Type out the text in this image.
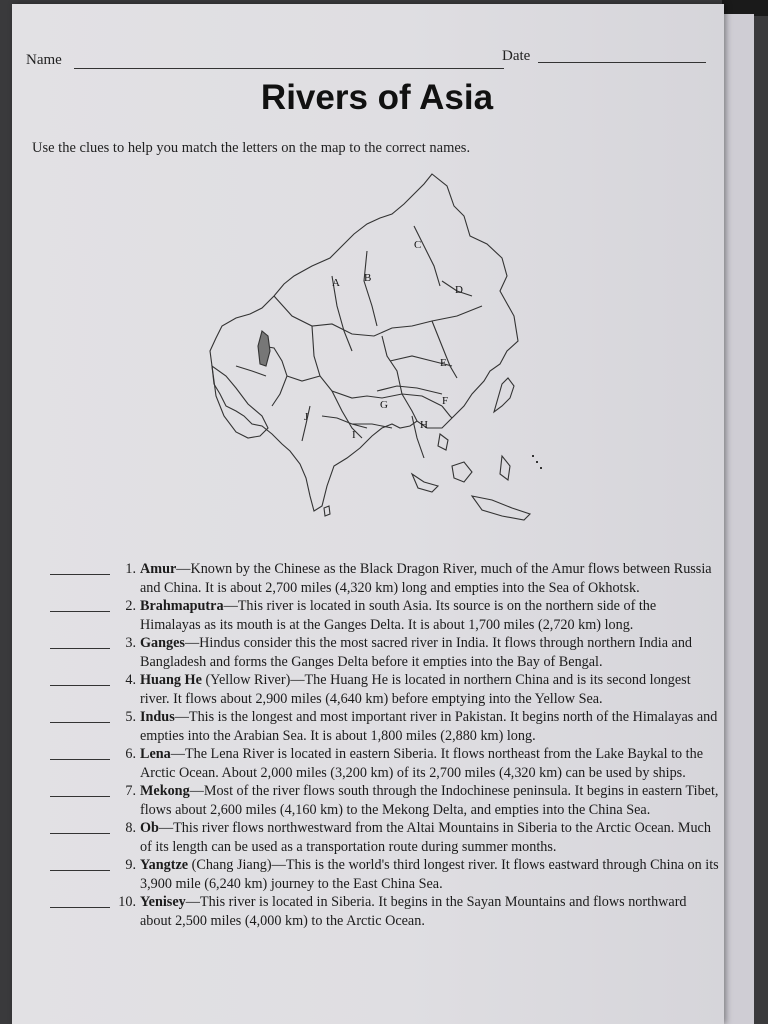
Name	Date
Rivers of Asia
Use the clues to help you match the letters on the map to the correct names.
A B
C
D
E
F
G
H
I
J
1. Amur—Known by the Chinese as the Black Dragon River, much of the Amur flows between Russia and China. It is about 2,700 miles (4,320 km) long and empties into the Sea of Okhotsk.
2. Brahmaputra—This river is located in south Asia. Its source is on the northern side of the Himalayas as its mouth is at the Ganges Delta. It is about 1,700 miles (2,720 km) long.
3. Ganges—Hindus consider this the most sacred river in India. It flows through northern India and Bangladesh and forms the Ganges Delta before it empties into the Bay of Bengal.
4. Huang He (Yellow River)—The Huang He is located in northern China and is its second longest river. It flows about 2,900 miles (4,640 km) before emptying into the Yellow Sea.
5. Indus—This is the longest and most important river in Pakistan. It begins north of the Himalayas and empties into the Arabian Sea. It is about 1,800 miles (2,880 km) long.
6. Lena—The Lena River is located in eastern Siberia. It flows northeast from the Lake Baykal to the Arctic Ocean. About 2,000 miles (3,200 km) of its 2,700 miles (4,320 km) can be used by ships.
7. Mekong—Most of the river flows south through the Indochinese peninsula. It begins in eastern Tibet, flows about 2,600 miles (4,160 km) to the Mekong Delta, and empties into the China Sea.
8. Ob—This river flows northwestward from the Altai Mountains in Siberia to the Arctic Ocean. Much of its length can be used as a transportation route during summer months.
9. Yangtze (Chang Jiang)—This is the world's third longest river. It flows eastward through China on its 3,900 mile (6,240 km) journey to the East China Sea.
10. Yenisey—This river is located in Siberia. It begins in the Sayan Mountains and flows northward about 2,500 miles (4,000 km) to the Arctic Ocean.
